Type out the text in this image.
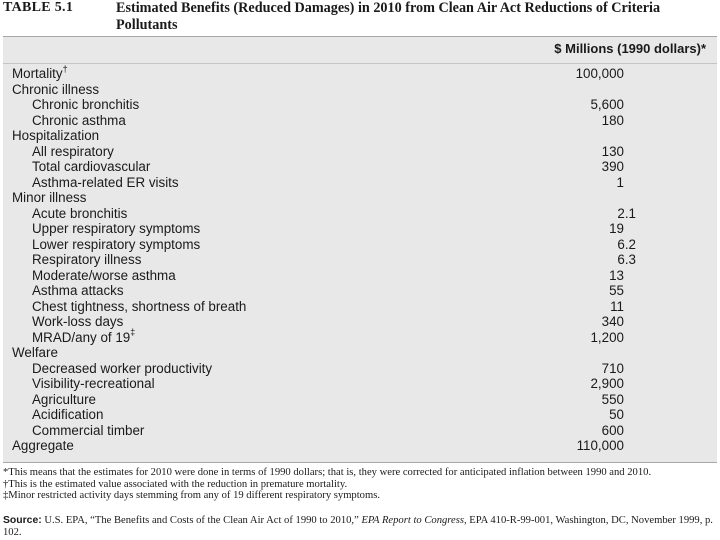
TABLE 5.1	Estimated Benefits (Reduced Damages) in 2010 from Clean Air Act Reductions of Criteria Pollutants
$ Millions (1990 dollars)*
Mortality†	100,000
Chronic illness
Chronic bronchitis	5,600
Chronic asthma	180
Hospitalization
All respiratory	130
Total cardiovascular	390
Asthma-related ER visits	1
Minor illness
Acute bronchitis	2.1
Upper respiratory symptoms	19
Lower respiratory symptoms	6.2
Respiratory illness	6.3
Moderate/worse asthma	13
Asthma attacks	55
Chest tightness, shortness of breath	11
Work-loss days	340
MRAD/any of 19‡	1,200
Welfare
Decreased worker productivity	710
Visibility-recreational	2,900
Agriculture	550
Acidification	50
Commercial timber	600
Aggregate	110,000

*This means that the estimates for 2010 were done in terms of 1990 dollars; that is, they were corrected for anticipated inflation between 1990 and 2010.

†This is the estimated value associated with the reduction in premature mortality.

‡Minor restricted activity days stemming from any of 19 different respiratory symptoms.

Source: U.S. EPA, “The Benefits and Costs of the Clean Air Act of 1990 to 2010,” EPA Report to Congress, EPA 410-R-99-001, Washington, DC, November 1999, p. 102.
